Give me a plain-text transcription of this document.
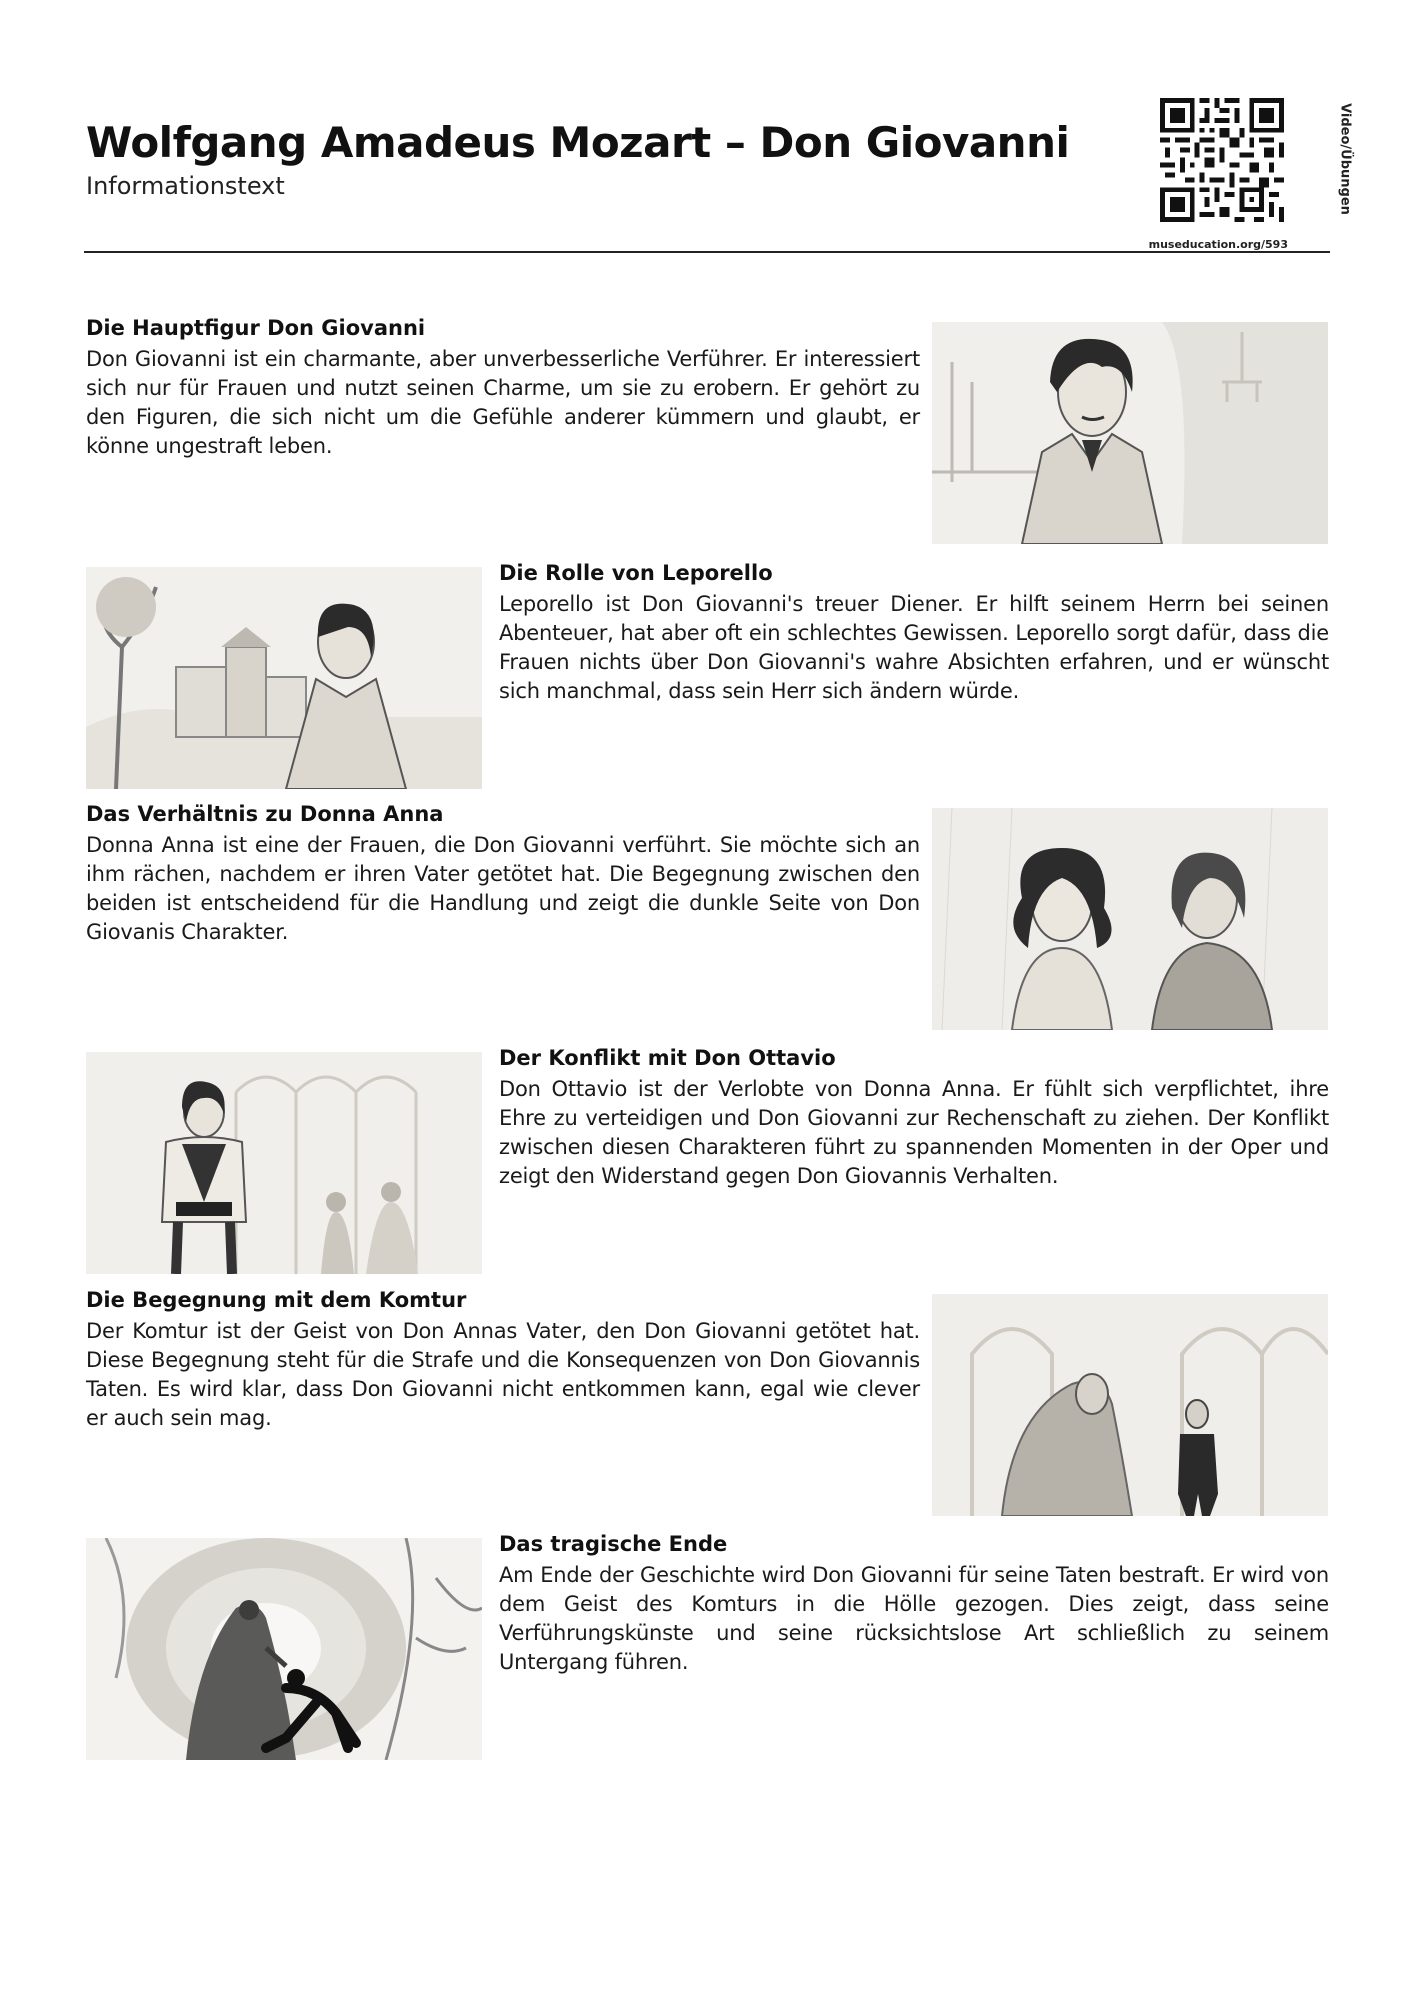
Wolfgang Amadeus Mozart – Don Giovanni
Informationstext	Video/Übungen
museducation.org/593
Die Hauptfigur Don Giovanni

Don Giovanni ist ein charmante, aber unverbesserliche Verführer. Er interessiert sich nur für Frauen und nutzt seinen Charme, um sie zu erobern. Er gehört zu den Figuren, die sich nicht um die Gefühle anderer kümmern und glaubt, er könne ungestraft leben.

Die Rolle von Leporello

Leporello ist Don Giovanni's treuer Diener. Er hilft seinem Herrn bei seinen Abenteuer, hat aber oft ein schlechtes Gewissen. Leporello sorgt dafür, dass die Frauen nichts über Don Giovanni's wahre Absichten erfahren, und er wünscht sich manchmal, dass sein Herr sich ändern würde.

Das Verhältnis zu Donna Anna

Donna Anna ist eine der Frauen, die Don Giovanni verführt. Sie möchte sich an ihm rächen, nachdem er ihren Vater getötet hat. Die Begegnung zwischen den beiden ist entscheidend für die Handlung und zeigt die dunkle Seite von Don Giovanis Charakter.

Der Konflikt mit Don Ottavio

Don Ottavio ist der Verlobte von Donna Anna. Er fühlt sich verpflichtet, ihre Ehre zu verteidigen und Don Giovanni zur Rechenschaft zu ziehen. Der Konflikt zwischen diesen Charakteren führt zu spannenden Momenten in der Oper und zeigt den Widerstand gegen Don Giovannis Verhalten.

Die Begegnung mit dem Komtur

Der Komtur ist der Geist von Don Annas Vater, den Don Giovanni getötet hat. Diese Begegnung steht für die Strafe und die Konsequenzen von Don Giovannis Taten. Es wird klar, dass Don Giovanni nicht entkommen kann, egal wie clever er auch sein mag.

Das tragische Ende

Am Ende der Geschichte wird Don Giovanni für seine Taten bestraft. Er wird von dem Geist des Komturs in die Hölle gezogen. Dies zeigt, dass seine Verführungskünste und seine rücksichtslose Art schließlich zu seinem Untergang führen.
